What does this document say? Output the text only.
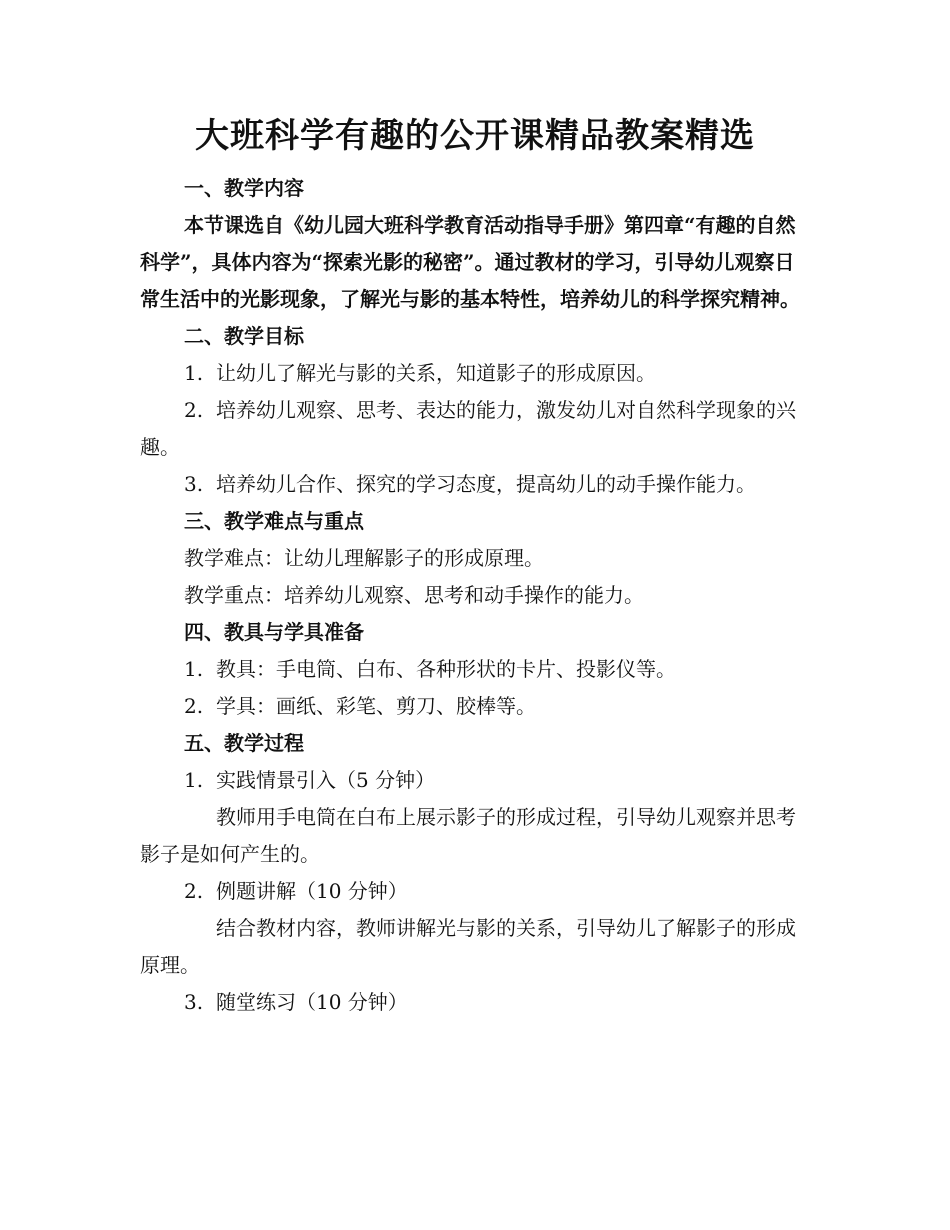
大班科学有趣的公开课精品教案精选

一、教学内容

本节课选自《幼儿园大班科学教育活动指导手册》第四章“有趣的自然科学”，具体内容为“探索光影的秘密”。通过教材的学习，引导幼儿观察日常生活中的光影现象，了解光与影的基本特性，培养幼儿的科学探究精神。

二、教学目标

1. 让幼儿了解光与影的关系，知道影子的形成原因。

2. 培养幼儿观察、思考、表达的能力，激发幼儿对自然科学现象的兴趣。

3. 培养幼儿合作、探究的学习态度，提高幼儿的动手操作能力。

三、教学难点与重点

教学难点：让幼儿理解影子的形成原理。

教学重点：培养幼儿观察、思考和动手操作的能力。

四、教具与学具准备

1. 教具：手电筒、白布、各种形状的卡片、投影仪等。

2. 学具：画纸、彩笔、剪刀、胶棒等。

五、教学过程

1. 实践情景引入（5 分钟）

教师用手电筒在白布上展示影子的形成过程，引导幼儿观察并思考影子是如何产生的。

2. 例题讲解（10 分钟）

结合教材内容，教师讲解光与影的关系，引导幼儿了解影子的形成原理。

3. 随堂练习（10 分钟）
